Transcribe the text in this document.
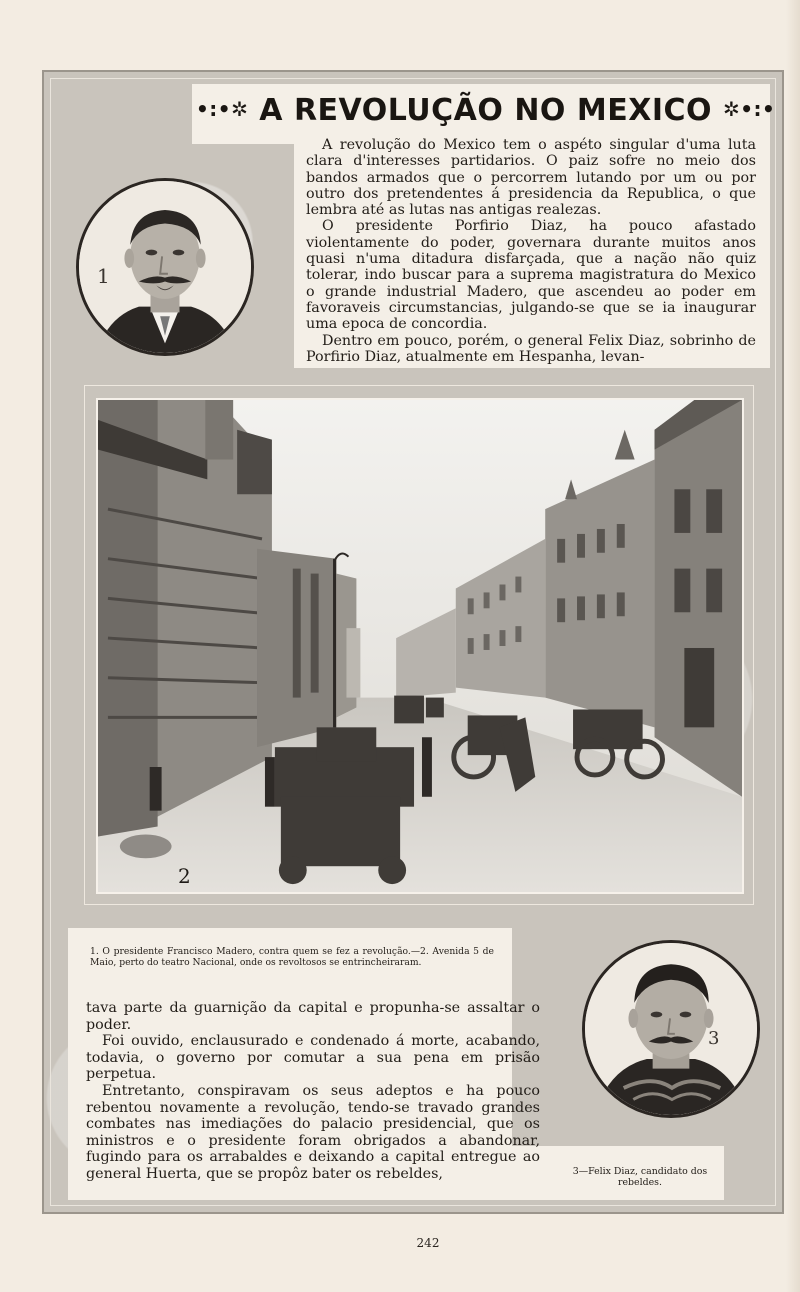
•:•✲ A REVOLUÇÃO NO MEXICO ✲•:•

A revolução do Mexico tem o aspéto singular d'uma luta clara d'interesses partidarios. O paiz sofre no meio dos bandos armados que o percorrem lutando por um ou por outro dos pretendentes á presidencia da Republica, o que lembra até as lutas nas antigas realezas.

O presidente Porfirio Diaz, ha pouco afastado violentamente do poder, governara durante muitos anos quasi n'uma ditadura disfarçada, que a nação não quiz tolerar, indo buscar para a suprema magistratura do Mexico o grande industrial Madero, que ascendeu ao poder em favoraveis circumstancias, julgando-se que se ia inaugurar uma epoca de concordia.

Dentro em pouco, porém, o general Felix Diaz, sobrinho de Porfirio Diaz, atualmente em Hespanha, levan-

1
2

1. O presidente Francisco Madero, contra quem se fez a revolução.—2. Avenida 5 de Maio, perto do teatro Nacional, onde os revoltosos se entrincheiraram.

tava parte da guarnição da capital e propunha-se assaltar o poder.

Foi ouvido, enclausurado e condenado á morte, acabando, todavia, o governo por comutar a sua pena em prisão perpetua.

Entretanto, conspiravam os seus adeptos e ha pouco rebentou novamente a revolução, tendo-se travado grandes combates nas imediações do palacio presidencial, que os ministros e o presidente foram obrigados a abandonar, fugindo para os arrabaldes e deixando a capital entregue ao general Huerta, que se propôz bater os rebeldes,

3

3—Felix Diaz, candidato dos rebeldes.

242
